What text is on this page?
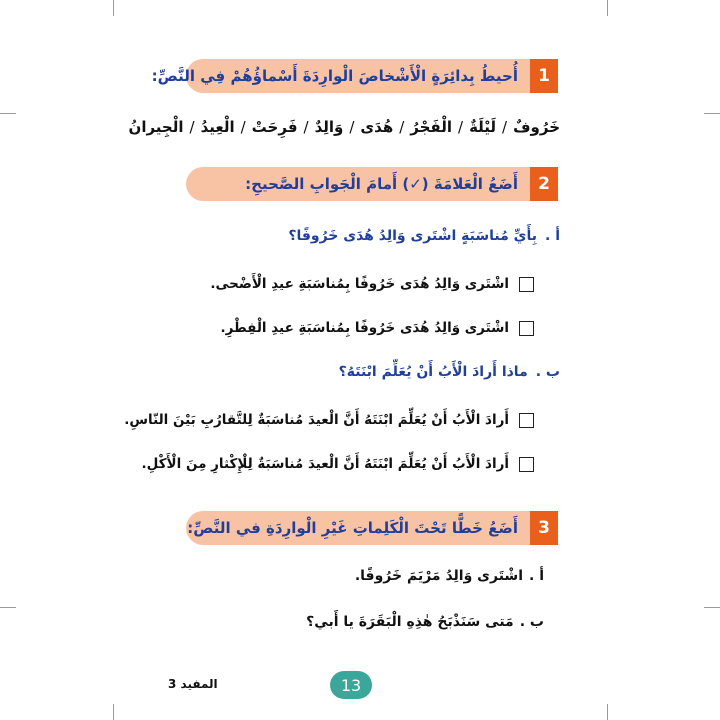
1
أُحيطُ بِدائِرَةٍ الْأَشْخاصَ الْوارِدَةَ أَسْماؤُهُمْ فِي النَّصِّ:
خَرُوفٌ/لَيْلَةٌ/الْفَجْرُ/هُدَى/وَالِدٌ/فَرِحَتْ/الْعِيدُ/الْجِيرانُ
2
أَضَعُ الْعَلامَةَ (✓) أَمامَ الْجَوابِ الصَّحيحِ:
أ .بِأَيِّ مُناسَبَةٍ اشْتَرى وَالِدُ هُدَى خَرُوفًا؟
اشْتَرى وَالِدُ هُدَى خَرُوفًا بِمُناسَبَةِ عيدِ الْأَضْحى.
اشْتَرى وَالِدُ هُدَى خَرُوفًا بِمُناسَبَةِ عيدِ الْفِطْرِ.
ب .ماذا أَرادَ الْأَبُ أَنْ يُعَلِّمَ ابْنَتَهُ؟
أَرادَ الْأَبُ أَنْ يُعَلِّمَ ابْنَتَهُ أَنَّ الْعيدَ مُناسَبَةٌ لِلتَّقارُبِ بَيْنَ النّاسِ.
أَرادَ الْأَبُ أَنْ يُعَلِّمَ ابْنَتَهُ أَنَّ الْعيدَ مُناسَبَةٌ لِلْإِكْثارِ مِنَ الْأَكْلِ.
3
أَضَعُ خَطًّا تَحْتَ الْكَلِماتِ غَيْرِ الْوارِدَةِ في النَّصِّ:
أ .اشْتَرى وَالِدُ مَرْيَمَ خَرُوفًا.
ب .مَتى سَنَذْبَحُ هٰذِهِ الْبَقَرَةَ يا أَبي؟
المفيد 3	13
